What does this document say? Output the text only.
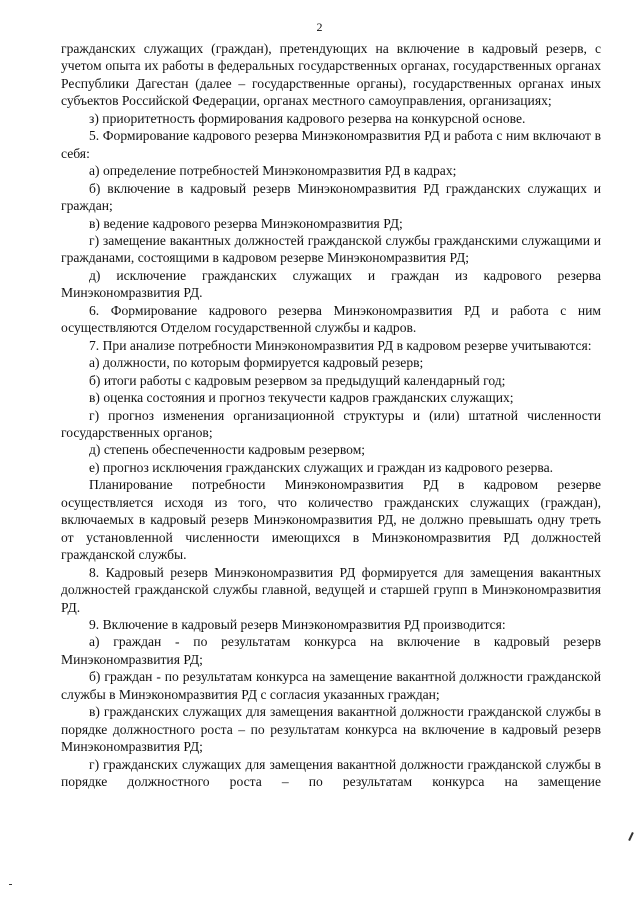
2

гражданских служащих (граждан), претендующих на включение в кадровый резерв, с учетом опыта их работы в федеральных государственных органах, государственных органах Республики Дагестан (далее – государственные органы), государственных органах иных субъектов Российской Федерации, органах местного самоуправления, организациях;

з) приоритетность формирования кадрового резерва на конкурсной основе.

5. Формирование кадрового резерва Минэкономразвития РД и работа с ним включают в себя:

а) определение потребностей Минэкономразвития РД в кадрах;

б) включение в кадровый резерв Минэкономразвития РД гражданских служащих и граждан;

в) ведение кадрового резерва Минэкономразвития РД;

г) замещение вакантных должностей гражданской службы гражданскими служащими и гражданами, состоящими в кадровом резерве Минэкономразвития РД;

д) исключение гражданских служащих и граждан из кадрового резерва Минэкономразвития РД.

6. Формирование кадрового резерва Минэкономразвития РД и работа с ним осуществляются Отделом государственной службы и кадров.

7. При анализе потребности Минэкономразвития РД в кадровом резерве учитываются:

а) должности, по которым формируется кадровый резерв;

б) итоги работы с кадровым резервом за предыдущий календарный год;

в) оценка состояния и прогноз текучести кадров гражданских служащих;

г) прогноз изменения организационной структуры и (или) штатной численности государственных органов;

д) степень обеспеченности кадровым резервом;

е) прогноз исключения гражданских служащих и граждан из кадрового резерва.

Планирование потребности Минэкономразвития РД в кадровом резерве осуществляется исходя из того, что количество гражданских служащих (граждан), включаемых в кадровый резерв Минэкономразвития РД, не должно превышать одну треть от установленной численности имеющихся в Минэкономразвития РД должностей гражданской службы.

8. Кадровый резерв Минэкономразвития РД формируется для замещения вакантных должностей гражданской службы главной, ведущей и старшей групп в Минэкономразвития РД.

9. Включение в кадровый резерв Минэкономразвития РД производится:

а) граждан - по результатам конкурса на включение в кадровый резерв Минэкономразвития РД;

б) граждан - по результатам конкурса на замещение вакантной должности гражданской службы в Минэкономразвития РД с согласия указанных граждан;

в) гражданских служащих для замещения вакантной должности гражданской службы в порядке должностного роста – по результатам конкурса на включение в кадровый резерв Минэкономразвития РД;

г) гражданских служащих для замещения вакантной должности гражданской службы в порядке должностного роста – по результатам конкурса на замещение
